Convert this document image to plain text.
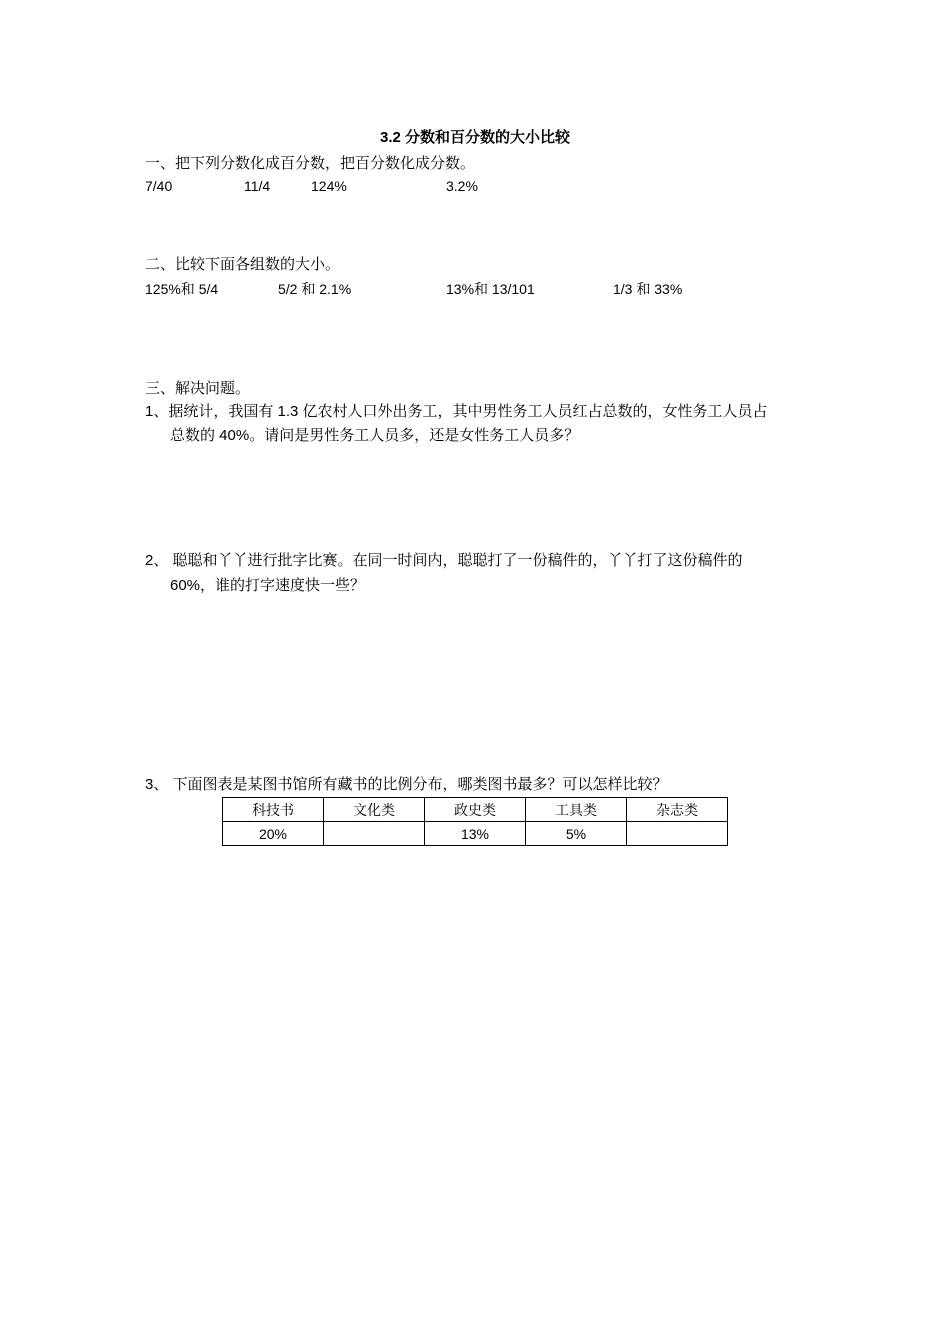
3.2 分数和百分数的大小比较
一、把下列分数化成百分数，把百分数化成分数。
7/40	11/4	124%	3.2%
二、比较下面各组数的大小。
125%和 5/4	5/2 和 2.1%	13%和 13/101	1/3 和 33%
三、解决问题。
1、据统计，我国有 1.3 亿农村人口外出务工，其中男性务工人员红占总数的，女性务工人员占
总数的 40%。请问是男性务工人员多，还是女性务工人员多？
2、 聪聪和丫丫进行批字比赛。在同一时间内，聪聪打了一份稿件的，丫丫打了这份稿件的
60%，谁的打字速度快一些？
3、 下面图表是某图书馆所有藏书的比例分布，哪类图书最多？可以怎样比较？
科技书	文化类	政史类	工具类	杂志类
20%		13%	5%	
